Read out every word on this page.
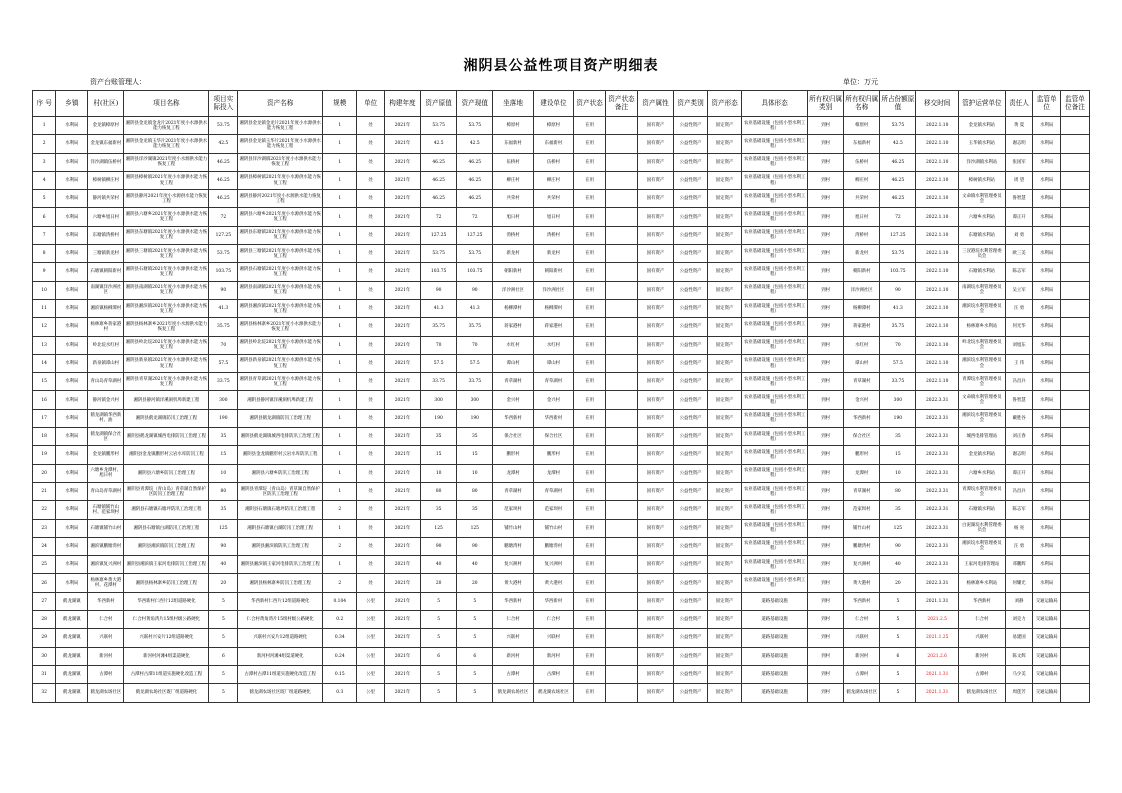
湘阴县公益性项目资产明细表
资产台账管理人：	单位：万元
序 号	乡镇	村(社区)	项目名称	项目实际投入	资产名称	规模	单位	构建年度	资产原值	资产现值	坐落地	建设单位	资产状态	资产状态备注	资产属性	资产类别	资产形态	具体形态	所有权归属类别	所有权归属名称	所占份额原值	移交时间	管护运营单位	责任人	监管单位	监管单位备注
1	水利局	金龙镇樟原村	湘阴县金龙镇金龙片2021年度小水源供水能力恢复工程	53.75	湘阴县金龙镇金龙片2021年度小水源供水能力恢复工程	1	处	2021年	53.75	53.75	樟原村	樟原村	在用		国有资产	公益性资产	固定资产	农业基础设施（包括小型水利工程）	到村	樟原村	53.75	2022.1.10	金龙镇水利站	黄 夏	水利局	
2	水利局	金龙镇东福新村	湘阴县金龙镇玉华片2021年度小水源供水能力恢复工程	42.5	湘阴县金龙镇玉华片2021年度小水源供水能力恢复工程	1	处	2021年	42.5	42.5	东福新村	东福新村	在用		国有资产	公益性资产	固定资产	农业基础设施（包括小型水利工程）	到村	东福新村	42.5	2022.1.10	玉华镇水利站	谢志明	水利局	
3	水利局	洋沙湖镇伍桥村	湘阴县洋沙湖镇2021年度小水源供水能力恢复工程	46.25	湘阴县洋沙湖镇2021年度小水源供水能力恢复工程	1	处	2021年	46.25	46.25	伍桥村	伍桥村	在用		国有资产	公益性资产	固定资产	农业基础设施（包括小型水利工程）	到村	伍桥村	46.25	2022.1.10	洋沙湖镇水利站	张国军	水利局	
4	水利局	樟树镇柳庄村	湘阴县樟树镇2021年度小水源供水能力恢复工程	46.25	湘阴县樟树镇2021年度小水源供水能力恢复工程	1	处	2021年	46.25	46.25	柳庄村	柳庄村	在用		国有资产	公益性资产	固定资产	农业基础设施（包括小型水利工程）	到村	柳庄村	46.25	2022.1.10	樟树镇水利站	周 望	水利局	
5	水利局	静河镇共荣村	湘阴县静河2021年度小水源供水能力恢复工程	46.25	湘阴县静河2021年度小水源供水能力恢复工程	1	处	2021年	46.25	46.25	共荣村	共荣村	在用		国有资产	公益性资产	固定资产	农业基础设施（包括小型水利工程）	到村	共荣村	46.25	2022.1.10	文命镇水利管理委员会	鲁智慧	水利局	
6	水利局	六塘乡旭日村	湘阴县六塘乡2021年度小水源供水能力恢复工程	72	湘阴县六塘乡2021年度小水源供水能力恢复工程	1	处	2021年	72	72	旭日村	旭日村	在用		国有资产	公益性资产	固定资产	农业基础设施（包括小型水利工程）	到村	旭日村	72	2022.1.10	六塘乡水利站	谭正开	水利局	
7	水利局	东塘镇湾桥村	湘阴县东塘镇2021年度小水源供水能力恢复工程	127.25	湘阴县东塘镇2021年度小水源供水能力恢复工程	1	处	2021年	127.25	127.25	湾桥村	湾桥村	在用		国有资产	公益性资产	固定资产	农业基础设施（包括小型水利工程）	到村	湾桥村	127.25	2022.1.10	东塘镇水利站	刘 勇	水利局	
8	水利局	三塘镇新龙村	湘阴县三塘镇2021年度小水源供水能力恢复工程	53.75	湘阴县三塘镇2021年度小水源供水能力恢复工程	1	处	2021年	53.75	53.75	新龙村	新龙村	在用		国有资产	公益性资产	固定资产	农业基础设施（包括小型水利工程）	到村	新龙村	53.75	2022.1.10	三汊港垸水利管理委员会	欧三美	水利局	
9	水利局	石塘镇朝阳新村	湘阴县石塘镇2021年度小水源供水能力恢复工程	103.75	湘阴县石塘镇2021年度小水源供水能力恢复工程	1	处	2021年	103.75	103.75	朝阳新村	朝阳新村	在用		国有资产	公益性资产	固定资产	农业基础设施（包括小型水利工程）	到村	朝阳新村	103.75	2022.1.10	石塘镇水利站	陈志军	水利局	
10	水利局	南湖镇洋沙洲社区	湘阴县南湖镇2021年度小水源供水能力恢复工程	90	湘阴县南湖镇2021年度小水源供水能力恢复工程	1	处	2021年	90	90	洋沙洲社区	洋沙洲社区	在用		国有资产	公益性资产	固定资产	农业基础设施（包括小型水利工程）	到村	洋沙洲社区	90	2022.1.10	南湖垸水利管理委员会	吴立军	水利局	
11	水利局	湘滨镇杨柳潭村	湘阴县湘滨镇2021年度小水源供水能力恢复工程	41.3	湘阴县湘滨镇2021年度小水源供水能力恢复工程	1	处	2021年	41.3	41.3	杨柳潭村	杨柳潭村	在用		国有资产	公益性资产	固定资产	农业基础设施（包括小型水利工程）	到村	杨柳潭村	41.3	2022.1.10	湘滨垸水利管理委员会	汪 勇	水利局	
12	水利局	杨林寨乡蒋家港村	湘阴县杨林寨乡2021年度小水源供水能力恢复工程	35.75	湘阴县杨林寨乡2021年度小水源供水能力恢复工程	1	处	2021年	35.75	35.75	蒋家港村	蒋家港村	在用		国有资产	公益性资产	固定资产	农业基础设施（包括小型水利工程）	到村	蒋家港村	35.75	2022.1.10	杨林寨乡水利站	何光华	水利局	
13	水利局	岭北垸水红村	湘阴县岭北垸2021年度小水源供水能力恢复工程	70	湘阴县岭北垸2021年度小水源供水能力恢复工程	1	处	2021年	70	70	水红村	水红村	在用		国有资产	公益性资产	固定资产	农业基础设施（包括小型水利工程）	到村	水红村	70	2022.1.10	岭北垸水利管理委员会	刘旭东	水利局	
14	水利局	新泉镇谭山村	湘阴县新泉镇2021年度小水源供水能力恢复工程	57.5	湘阴县新泉镇2021年度小水源供水能力恢复工程	1	处	2021年	57.5	57.5	谭山村	谭山村	在用		国有资产	公益性资产	固定资产	农业基础设施（包括小型水利工程）	到村	谭山村	57.5	2022.1.10	湘滨垸水利管理委员会	王 伟	水利局	
15	水利局	青山岛青草湖村	湘阴县青草湖2021年度小水源供水能力恢复工程	33.75	湘阴县青草湖2021年度小水源供水能力恢复工程	1	处	2021年	33.75	33.75	青草湖村	青草湖村	在用		国有资产	公益性资产	固定资产	农业基础设施（包括小型水利工程）	到村	青草湖村	33.75	2022.1.10	青潭垸水利管理委员会	冯昌兵	水利局	
16	水利局	静河镇金兴村	湘阴县静河镇洋溪洞机埠新建工程	300	湘阴县静河镇洋溪洞机埠新建工程	1	处	2021年	300	300	金兴村	金兴村	在用		国有资产	公益性资产	固定资产	农业基础设施（包括小型水利工程）	到村	金兴村	300	2022.3.31	文命镇水利管理委员会	鲁智慧	水利局	
17	水利局	鹤龙湖镇华西新村、油	湘阴县鹤龙湖镇防汛工治理工程	190	湘阴县鹤龙湖镇防汛工治理工程	1	处	2021年	190	190	华西新村	华西新村	在用		国有资产	公益性资产	固定资产	农业基础设施（包括小型水利工程）	到村	华西新村	190	2022.3.31	湘滨垸水利管理委员会	戴胜谷	水利局	
18	水利局	鹤龙湖镇保合社区	湘阴县鹤龙湖镇城西电排防汛工治理工程	35	湘阴县鹤龙湖镇城西电排防汛工治理工程	1	处	2021年	35	35	保合社区	保合社区	在用		国有资产	公益性资产	固定资产	农业基础设施（包括小型水利工程）	到村	保合社区	35	2022.3.31	城西电排管理站	刘正春	水利局	
19	水利局	金龙镇鹏形村	湘阴县金龙镇鹏形村云岩水库防汛工程	15	湘阴县金龙镇鹏形村云岩水库防汛工程	1	处	2021年	15	15	鹏形村	鹏形村	在用		国有资产	公益性资产	固定资产	农业基础设施（包括小型水利工程）	到村	鹏形村	15	2022.3.31	金龙镇水利站	谢志明	水利局	
20	水利局	六塘乡龙潭村、旭日村	湘阴县六塘乡防汛工治理工程	10	湘阴县六塘乡防汛工治理工程	1	处	2021年	10	10	龙潭村	龙潭村	在用		国有资产	公益性资产	固定资产	农业基础设施（包括小型水利工程）	到村	龙潭村	10	2022.3.31	六塘乡水利站	谭正开	水利局	
21	水利局	青山岛青草湖村	湘阴县青潭垸（青山岛）青草湖自然保护区防汛工治理工程	80	湘阴县青潭垸（青山岛）青草湖自然保护区防汛工治理工程	1	处	2021年	80	80	青草湖村	青草湖村	在用		国有资产	公益性资产	固定资产	农业基础设施（包括小型水利工程）	到村	青草湖村	80	2022.3.31	青潭垸水利管理委员会	冯昌兵	水利局	
22	水利局	石塘镇铺竹山村、范家坝村	湘阴县石塘镇石塘坪防汛工治理工程	35	湘阴县石塘镇石塘坪防汛工治理工程	2	处	2021年	35	35	范家坝村	范家坝村	在用		国有资产	公益性资产	固定资产	农业基础设施（包括小型水利工程）	到村	范家坝村	35	2022.3.31	石塘镇水利站	陈志军	水利局	
23	水利局	石塘镇铺竹山村	湘阴县石塘镇白湖防汛工治理工程	125	湘阴县石塘镇白湖防汛工治理工程	1	处	2021年	125	125	铺竹山村	铺竹山村	在用		国有资产	公益性资产	固定资产	农业基础设施（包括小型水利工程）	到村	铺竹山村	125	2022.3.31	白泥湖垸水利管理委员会	杨 亮	水利局	
24	水利局	湘滨镇鹏塘湾村	湘阴县湘滨镇防汛工治理工程	90	湘阴县湘滨镇防汛工治理工程	2	处	2021年	90	90	鹏塘湾村	鹏塘湾村	在用		国有资产	公益性资产	固定资产	农业基础设施（包括小型水利工程）	到村	鹏塘湾村	90	2022.3.31	湘滨垸水利管理委员会	汪 勇	水利局	
25	水利局	湘滨镇复兴洲村	湘阴县湘滨镇王家河电排防汛工治理工程	40	湘阴县湘滨镇王家河电排防汛工治理工程	1	处	2021年	40	40	复兴洲村	复兴洲村	在用		国有资产	公益性资产	固定资产	农业基础设施（包括小型水利工程）	到村	复兴洲村	40	2022.3.31	王家河电排管理站	邓鹏辉	水利局	
26	水利局	杨林寨乡黄大港村、花潭村	湘阴县杨林寨乡防汛工治理工程	20	湘阴县杨林寨乡防汛工治理工程	2	处	2021年	20	20	黄大港村	黄大港村	在用		国有资产	公益性资产	固定资产	农业基础设施（包括小型水利工程）	到村	黄大港村	20	2022.3.31	杨林寨乡水利站	何耀光	水利局	
27	鹤龙湖镇	华西新村	华西新村仁西片12组道路硬化	5	华西新村仁西片12组道路硬化	0.104	公里	2021年	5	5	华西新村	华西新村	在用		国有资产	公益性资产	固定资产	道路基础设施	到村	华西新村	5	2021.1.31	华西新村	刘静	交通运输局	
28	鹤龙湖镇	仁合村	仁合村黄角湾片15组村级公路硬化	5	仁合村黄角湾片15组村级公路硬化	0.2	公里	2021年	5	5	仁合村	仁合村	在用		国有资产	公益性资产	固定资产	道路基础设施	到村	仁合村	5	2021.2.5	仁合村	刘克力	交通运输局	
29	鹤龙湖镇	兴联村	兴联村兴安片12组道路硬化	5	兴联村兴安片12组道路硬化	0.34	公里	2021年	5	5	兴联村	兴联村	在用		国有资产	公益性资产	固定资产	道路基础设施	到村	兴联村	5	2021.1.25	兴联村	易建国	交通运输局	
30	鹤龙湖镇	新河村	新河村河滩4组渠道硬化	6	新河村河滩4组渠道硬化	0.24	公里	2021年	6	6	新河村	新河村	在用		国有资产	公益性资产	固定资产	道路基础设施	到村	新河村	6	2021.2.6	新河村	陈文辉	交通运输局	
31	鹤龙湖镇	古潭村	古潭村古潭11组道实施硬化改造工程	5	古潭村古潭11组道实施硬化改造工程	0.15	公里	2021年	5	5	古潭村	古潭村	在用		国有资产	公益性资产	固定资产	道路基础设施	到村	古潭村	5	2021.1.31	古潭村	马少美	交通运输局	
32	鹤龙湖镇	鹤龙湖农场社区	鹤龙湖农场社区既厂组道路硬化	5	鹤龙湖农场社区既厂组道路硬化	0.3	公里	2021年	5	5	鹤龙湖农场社区	鹤龙湖农场社区	在用		国有资产	公益性资产	固定资产	道路基础设施	到村	鹤龙湖农场社区	5	2021.1.31	鹤龙湖农场社区	周莲芳	交通运输局	
